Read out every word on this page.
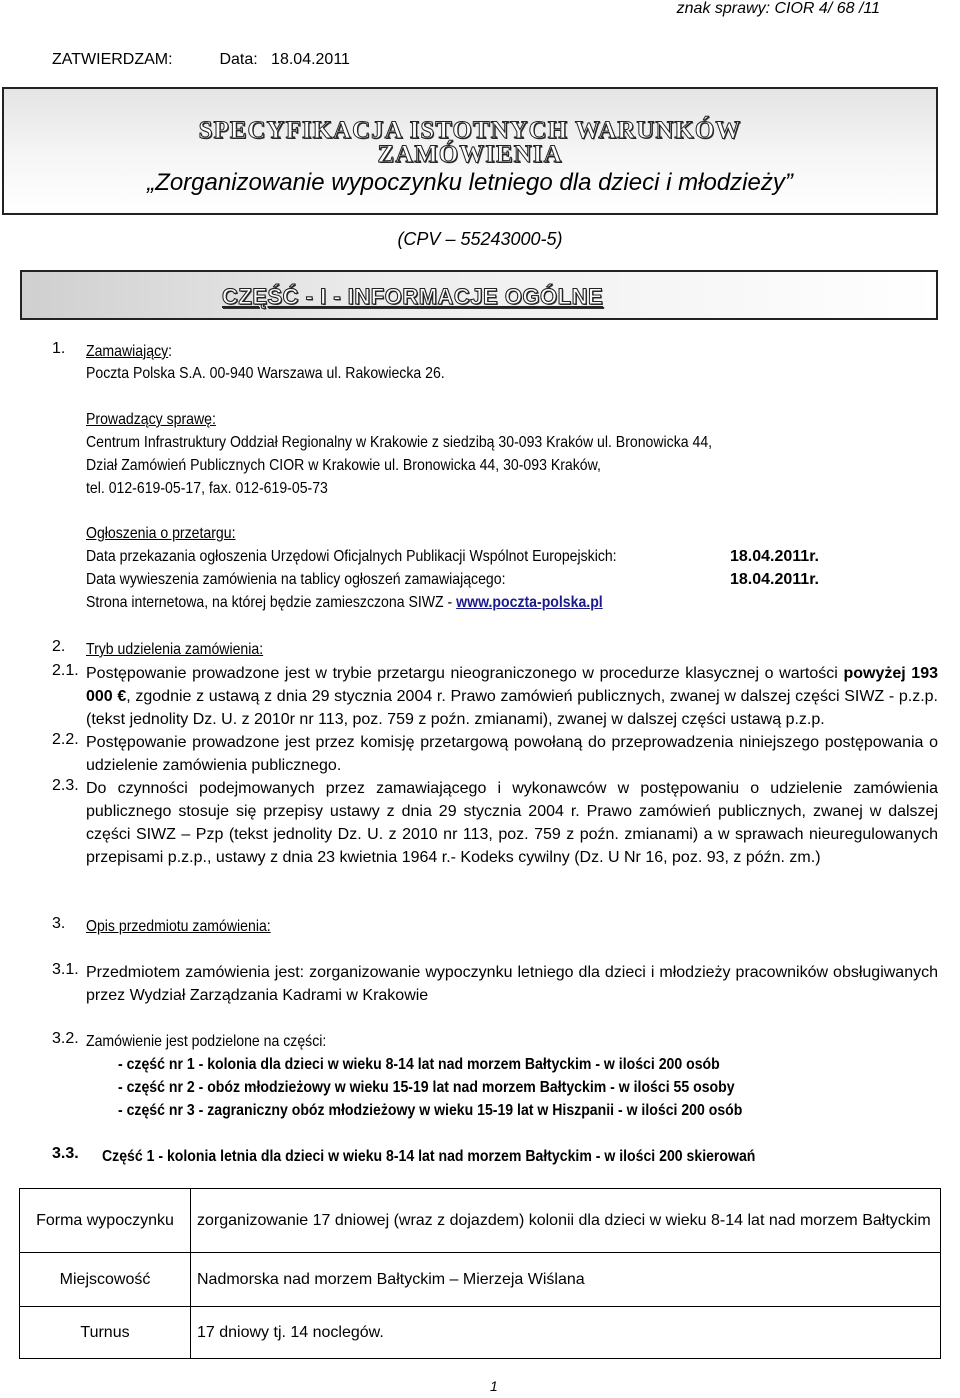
znak sprawy: CIOR 4/ 68 /11
ZATWIERDZAM:	Data: 18.04.2011
SPECYFIKACJA ISTOTNYCH WARUNKÓW
ZAMÓWIENIA
„Zorganizowanie wypoczynku letniego dla dzieci i młodzieży”
(CPV – 55243000-5)
CZĘŚĆ - I - INFORMACJE OGÓLNE
1. Zamawiający:
Poczta Polska S.A. 00-940 Warszawa ul. Rakowiecka 26.
Prowadzący sprawę:
Centrum Infrastruktury Oddział Regionalny w Krakowie z siedzibą 30-093 Kraków ul. Bronowicka 44,
Dział Zamówień Publicznych CIOR w Krakowie ul. Bronowicka 44, 30-093 Kraków,
tel. 012-619-05-17, fax. 012-619-05-73
Ogłoszenia o przetargu:
Data przekazania ogłoszenia Urzędowi Oficjalnych Publikacji Wspólnot Europejskich:	18.04.2011r.
Data wywieszenia zamówienia na tablicy ogłoszeń zamawiającego:	18.04.2011r.
Strona internetowa, na której będzie zamieszczona SIWZ - www.poczta-polska.pl
2. Tryb udzielenia zamówienia:
2.1. Postępowanie prowadzone jest w trybie przetargu nieograniczonego w procedurze klasycznej o wartości powyżej 193 000 €, zgodnie z ustawą z dnia 29 stycznia 2004 r. Prawo zamówień publicznych, zwanej w dalszej części SIWZ - p.z.p. (tekst jednolity Dz. U. z 2010r nr 113, poz. 759 z poźn. zmianami), zwanej w dalszej części ustawą p.z.p.
2.2. Postępowanie prowadzone jest przez komisję przetargową powołaną do przeprowadzenia niniejszego postępowania o udzielenie zamówienia publicznego.
2.3. Do czynności podejmowanych przez zamawiającego i wykonawców w postępowaniu o udzielenie zamówienia publicznego stosuje się przepisy ustawy z dnia 29 stycznia 2004 r. Prawo zamówień publicznych, zwanej w dalszej części SIWZ – Pzp (tekst jednolity Dz. U. z 2010 nr 113, poz. 759 z poźn. zmianami) a w sprawach nieuregulowanych przepisami p.z.p., ustawy z dnia 23 kwietnia 1964 r.- Kodeks cywilny (Dz. U Nr 16, poz. 93, z późn. zm.)
3. Opis przedmiotu zamówienia:
3.1. Przedmiotem zamówienia jest: zorganizowanie wypoczynku letniego dla dzieci i młodzieży pracowników obsługiwanych przez Wydział Zarządzania Kadrami w Krakowie
3.2. Zamówienie jest podzielone na części:
- część nr 1 - kolonia dla dzieci w wieku 8-14 lat nad morzem Bałtyckim - w ilości 200 osób
- część nr 2 - obóz młodzieżowy w wieku 15-19 lat nad morzem Bałtyckim - w ilości 55 osoby
- część nr 3 - zagraniczny obóz młodzieżowy w wieku 15-19 lat w Hiszpanii - w ilości 200 osób
3.3. Część 1 - kolonia letnia dla dzieci w wieku 8-14 lat nad morzem Bałtyckim - w ilości 200 skierowań
Forma wypoczynku	zorganizowanie 17 dniowej (wraz z dojazdem) kolonii dla dzieci w wieku 8-14 lat nad morzem Bałtyckim
Miejscowość	Nadmorska nad morzem Bałtyckim – Mierzeja Wiślana
Turnus	17 dniowy tj. 14 noclegów.
1
